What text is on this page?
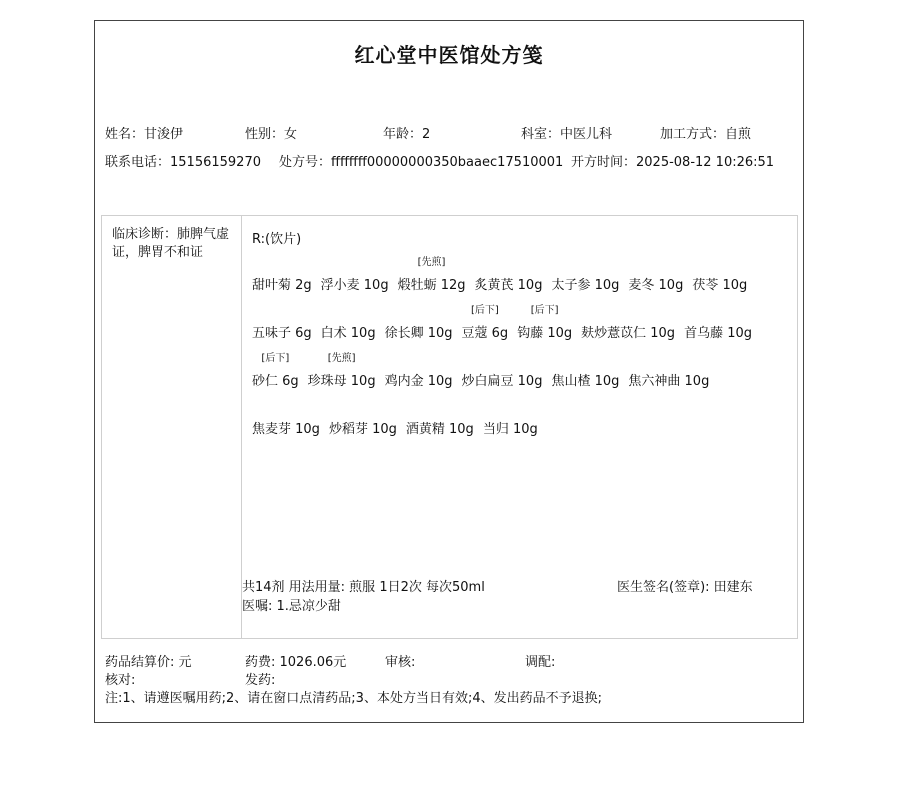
红心堂中医馆处方笺
姓名：甘浚伊	性别：女	年龄：2	科室：中医儿科	加工方式：自煎
联系电话：15156159270 处方号：ffffffff00000000350baaec17510001 开方时间：2025-08-12 10:26:51
临床诊断：肺脾气虚证，脾胃不和证
R:(饮片)
甜叶菊 2g 浮小麦 10g
[先煎]
煅牡蛎 12g 炙黄芪 10g 太子参 10g 麦冬 10g 茯苓 10g
五味子 6g 白术 10g 徐长卿 10g
[后下]
豆蔻 6g
[后下]
钩藤 10g 麸炒薏苡仁 10g 首乌藤 10g
[后下]
砂仁 6g
[先煎]
珍珠母 10g 鸡内金 10g 炒白扁豆 10g 焦山楂 10g 焦六神曲 10g
焦麦芽 10g 炒稻芽 10g 酒黄精 10g 当归 10g
共14剂 用法用量: 煎服 1日2次 每次50ml	医生签名(签章): 田建东
医嘱: 1.忌凉少甜
药品结算价: 元	药费: 1026.06元	审核:	调配:
核对:	发药:
注:1、请遵医嘱用药;2、请在窗口点清药品;3、本处方当日有效;4、发出药品不予退换;
